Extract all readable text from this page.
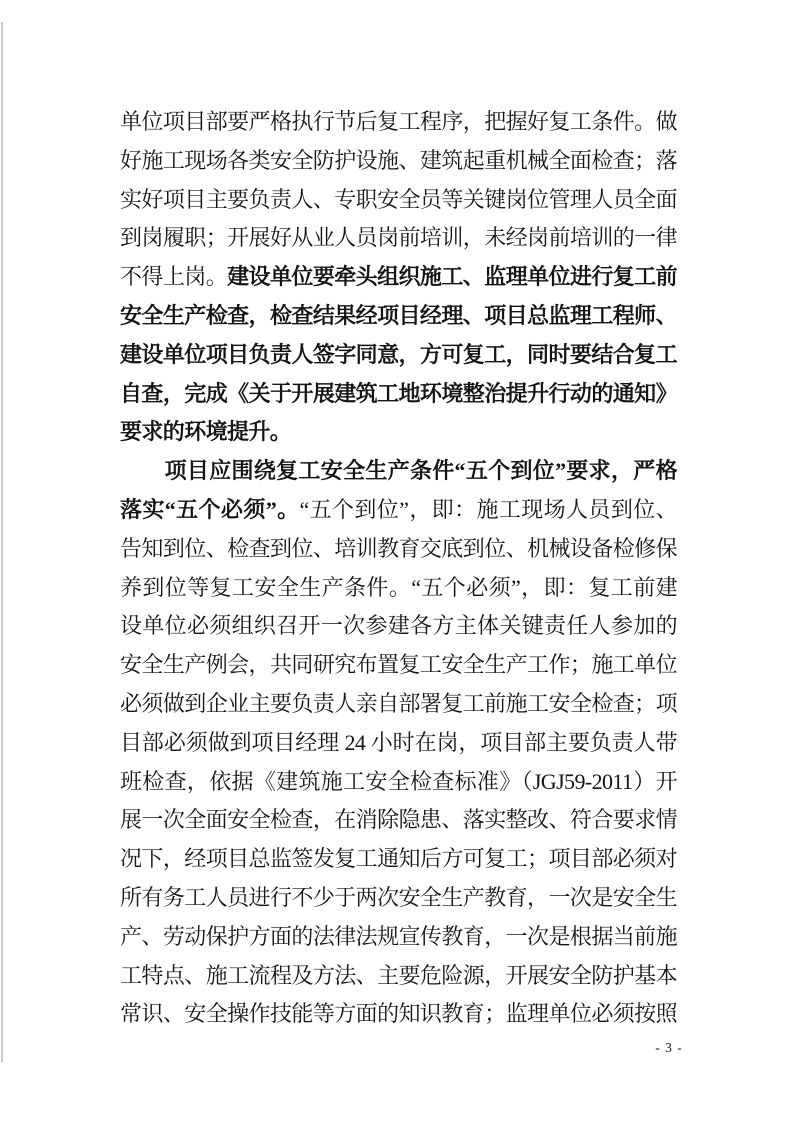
单位项目部要严格执行节后复工程序，把握好复工条件。做
好施工现场各类安全防护设施、建筑起重机械全面检查；落
实好项目主要负责人、专职安全员等关键岗位管理人员全面
到岗履职；开展好从业人员岗前培训，未经岗前培训的一律
不得上岗。建设单位要牵头组织施工、监理单位进行复工前
安全生产检查，检查结果经项目经理、项目总监理工程师、
建设单位项目负责人签字同意，方可复工，同时要结合复工
自查，完成《关于开展建筑工地环境整治提升行动的通知》
要求的环境提升。
　　项目应围绕复工安全生产条件“五个到位”要求，严格
落实“五个必须”。“五个到位”，即：施工现场人员到位、
告知到位、检查到位、培训教育交底到位、机械设备检修保
养到位等复工安全生产条件。“五个必须”，即：复工前建
设单位必须组织召开一次参建各方主体关键责任人参加的
安全生产例会，共同研究布置复工安全生产工作；施工单位
必须做到企业主要负责人亲自部署复工前施工安全检查；项
目部必须做到项目经理 24 小时在岗，项目部主要负责人带
班检查，依据《建筑施工安全检查标准》（JGJ59-2011）开
展一次全面安全检查，在消除隐患、落实整改、符合要求情
况下，经项目总监签发复工通知后方可复工；项目部必须对
所有务工人员进行不少于两次安全生产教育，一次是安全生
产、劳动保护方面的法律法规宣传教育，一次是根据当前施
工特点、施工流程及方法、主要危险源，开展安全防护基本
常识、安全操作技能等方面的知识教育；监理单位必须按照
- 3 -
